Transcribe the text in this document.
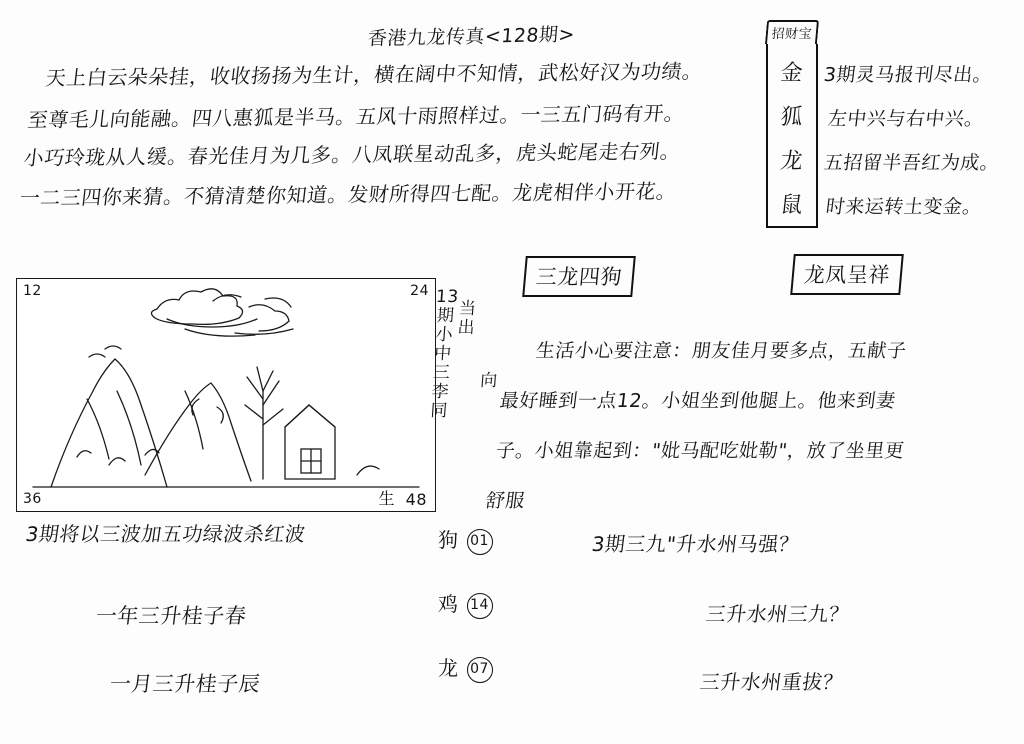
香港九龙传真<128期>
天上白云朵朵挂，收收扬扬为生计，横在阔中不知情，武松好汉为功绩。
至尊毛儿向能融。四八惠狐是半马。五风十雨照样过。一三五门码有开。
小巧玲珑从人缓。春光佳月为几多。八凤联星动乱多，虎头蛇尾走右列。
一二三四你来猜。不猜清楚你知道。发财所得四七配。龙虎相伴小开花。
招财宝
金
狐
龙
鼠
3期灵马报刊尽出。
左中兴与右中兴。
五招留半吾红为成。
时来运转土变金。
12	24
36	生 48
13期小中三李同
当出
向
3期将以三波加五功绿波杀红波
一年三升桂子春
一月三升桂子辰
狗 01
鸡 14
龙 07
三龙四狗	龙凤呈祥
生活小心要注意：朋友佳月要多点，五献子
最好睡到一点12。小姐坐到他腿上。他来到妻
子。小姐靠起到："妣马配吃妣勒"，放了坐里更
舒服
3期三九"升水州马强？
三升水州三九？
三升水州重拔？
